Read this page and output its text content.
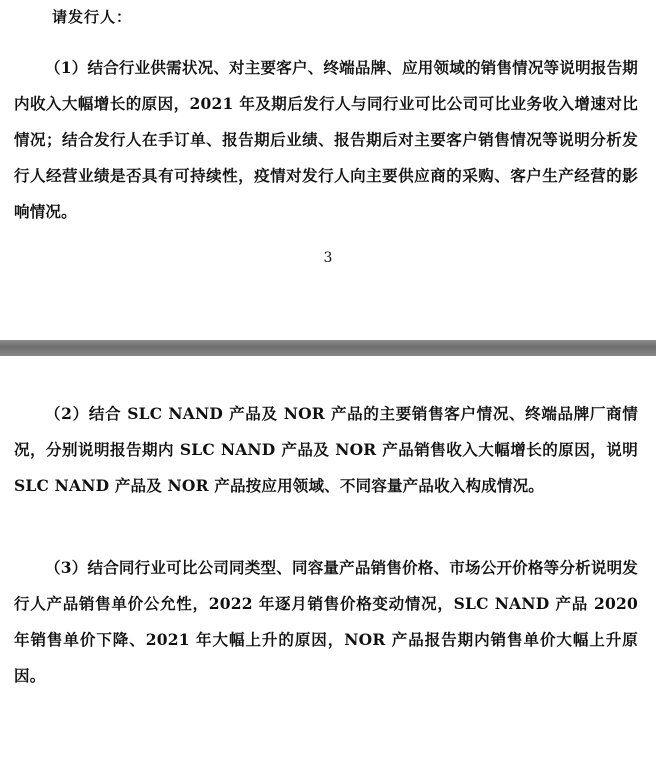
请发行人：

（1）结合行业供需状况、对主要客户、终端品牌、应用领域的销售情况等说明报告期内收入大幅增长的原因，2021 年及期后发行人与同行业可比公司可比业务收入增速对比情况；结合发行人在手订单、报告期后业绩、报告期后对主要客户销售情况等说明分析发行人经营业绩是否具有可持续性，疫情对发行人向主要供应商的采购、客户生产经营的影响情况。

3

（2）结合 SLC NAND 产品及 NOR 产品的主要销售客户情况、终端品牌厂商情况，分别说明报告期内 SLC NAND 产品及 NOR 产品销售收入大幅增长的原因，说明 SLC NAND 产品及 NOR 产品按应用领域、不同容量产品收入构成情况。

（3）结合同行业可比公司同类型、同容量产品销售价格、市场公开价格等分析说明发行人产品销售单价公允性，2022 年逐月销售价格变动情况，SLC NAND 产品 2020 年销售单价下降、2021 年大幅上升的原因，NOR 产品报告期内销售单价大幅上升原因。
